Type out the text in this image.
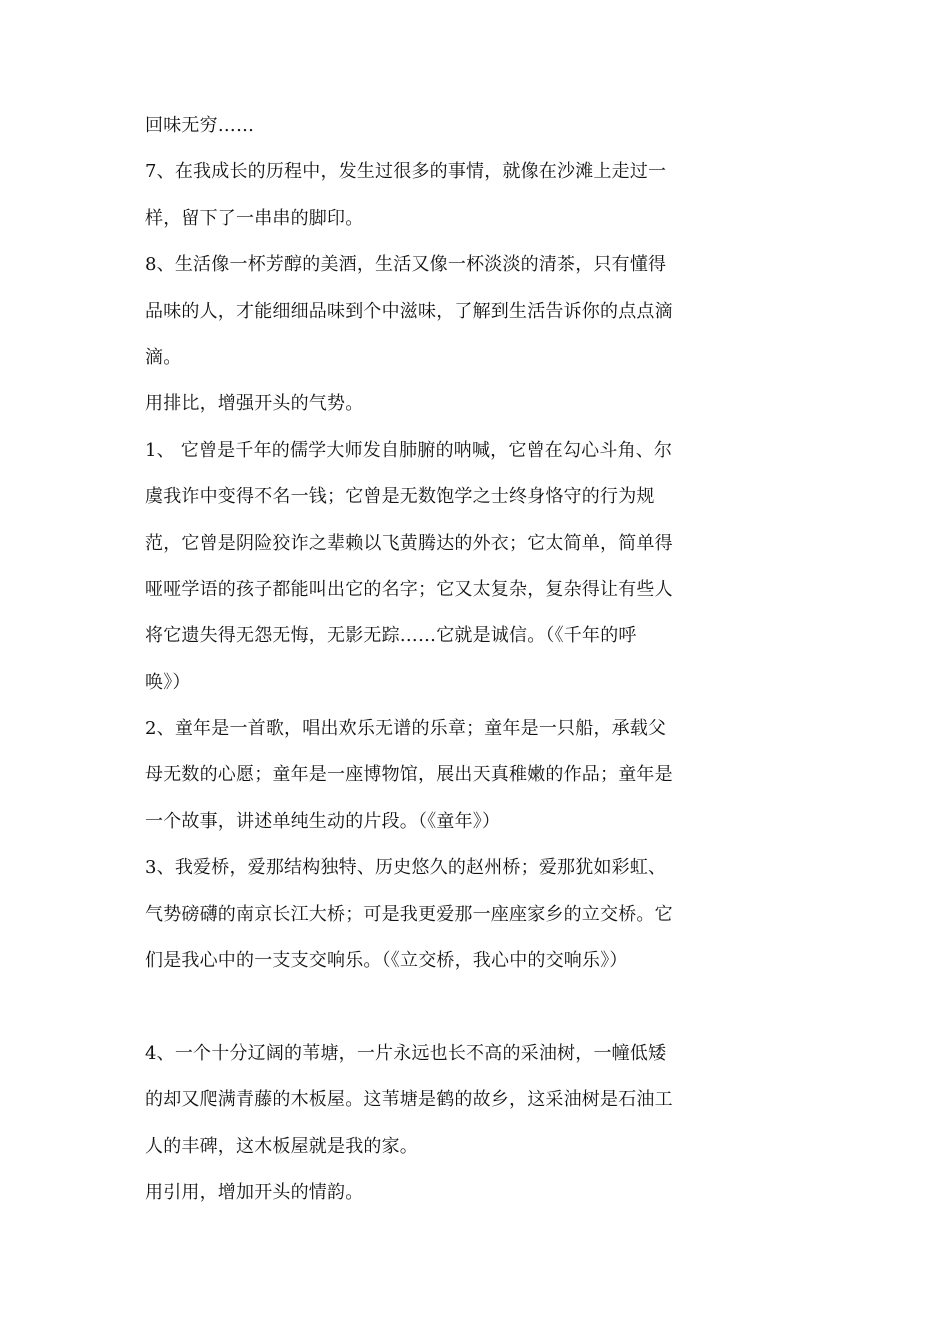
回味无穷……
7、在我成长的历程中，发生过很多的事情，就像在沙滩上走过一
样，留下了一串串的脚印。
8、生活像一杯芳醇的美酒，生活又像一杯淡淡的清茶，只有懂得
品味的人，才能细细品味到个中滋味，了解到生活告诉你的点点滴
滴。
用排比，增强开头的气势。
1、 它曾是千年的儒学大师发自肺腑的呐喊，它曾在勾心斗角、尔
虞我诈中变得不名一钱；它曾是无数饱学之士终身恪守的行为规
范，它曾是阴险狡诈之辈赖以飞黄腾达的外衣；它太简单，简单得
哑哑学语的孩子都能叫出它的名字；它又太复杂，复杂得让有些人
将它遗失得无怨无悔，无影无踪……它就是诚信。（《千年的呼
唤》）
2、童年是一首歌，唱出欢乐无谱的乐章；童年是一只船，承载父
母无数的心愿；童年是一座博物馆，展出天真稚嫩的作品；童年是
一个故事，讲述单纯生动的片段。（《童年》）
3、我爱桥，爱那结构独特、历史悠久的赵州桥；爱那犹如彩虹、
气势磅礴的南京长江大桥；可是我更爱那一座座家乡的立交桥。它
们是我心中的一支支交响乐。（《立交桥，我心中的交响乐》）
4、一个十分辽阔的苇塘，一片永远也长不高的采油树，一幢低矮
的却又爬满青藤的木板屋。这苇塘是鹤的故乡，这采油树是石油工
人的丰碑，这木板屋就是我的家。
用引用，增加开头的情韵。
